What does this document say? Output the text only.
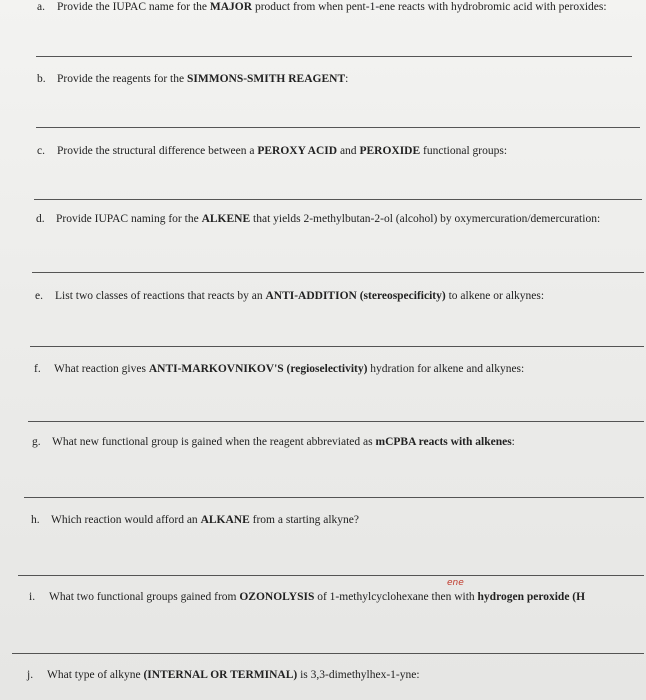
a. Provide the IUPAC name for the MAJOR product from when pent-1-ene reacts with hydrobromic acid with peroxides:
b. Provide the reagents for the SIMMONS-SMITH REAGENT:
c. Provide the structural difference between a PEROXY ACID and PEROXIDE functional groups:
d. Provide IUPAC naming for the ALKENE that yields 2-methylbutan-2-ol (alcohol) by oxymercuration/demercuration:
e. List two classes of reactions that reacts by an ANTI-ADDITION (stereospecificity) to alkene or alkynes:
f. What reaction gives ANTI-MARKOVNIKOV'S (regioselectivity) hydration for alkene and alkynes:
g. What new functional group is gained when the reagent abbreviated as mCPBA reacts with alkenes:
h. Which reaction would afford an ALKANE from a starting alkyne?
ene
i. What two functional groups gained from OZONOLYSIS of 1-methylcyclohexane then with hydrogen peroxide (H
j. What type of alkyne (INTERNAL OR TERMINAL) is 3,3-dimethylhex-1-yne:
